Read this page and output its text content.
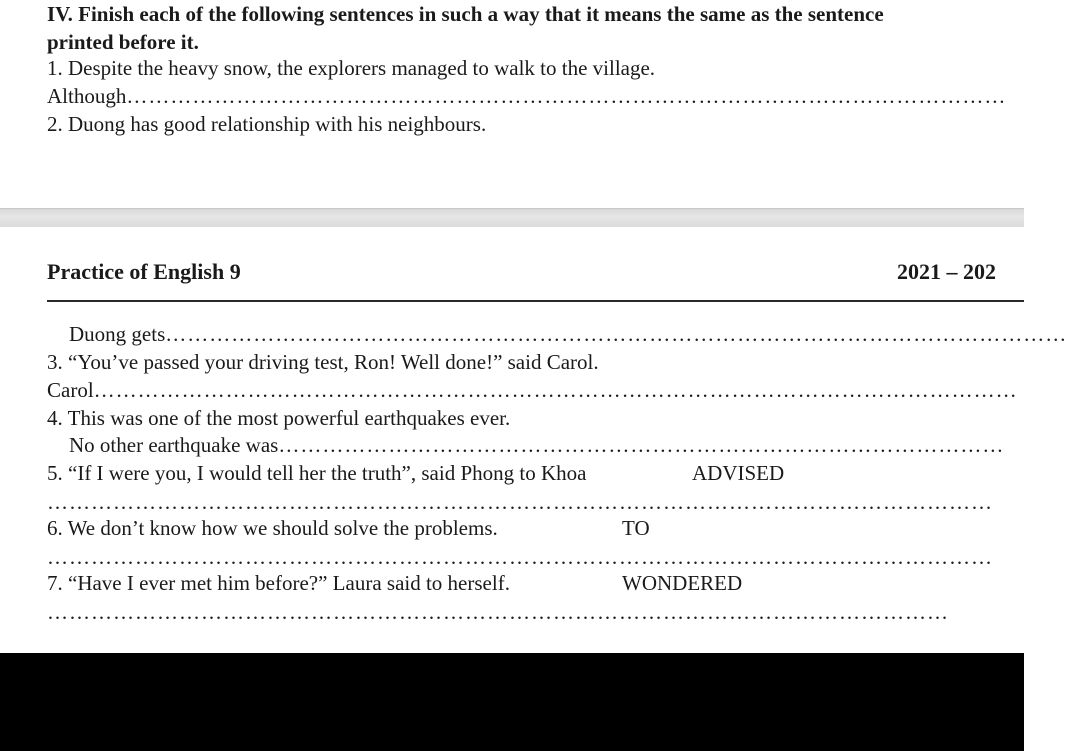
IV. Finish each of the following sentences in such a way that it means the same as the sentence
printed before it.
1. Despite the heavy snow, the explorers managed to walk to the village.
Although…………………………………………………………………………………………………………
2. Duong has good relationship with his neighbours.
Practice of English 9	2021 – 202
Duong gets……………………………………………………………………………………………………………
3. “You’ve passed your driving test, Ron! Well done!” said Carol.
Carol………………………………………………………………………………………………………………
4. This was one of the most powerful earthquakes ever.
No other earthquake was………………………………………………………………………………………
5. “If I were you, I would tell her the truth”, said Phong to Khoa	ADVISED
…………………………………………………………………………………………………………………
6. We don’t know how we should solve the problems.	TO
…………………………………………………………………………………………………………………
7. “Have I ever met him before?” Laura said to herself.	WONDERED
……………………………………………………………………………………………………………
